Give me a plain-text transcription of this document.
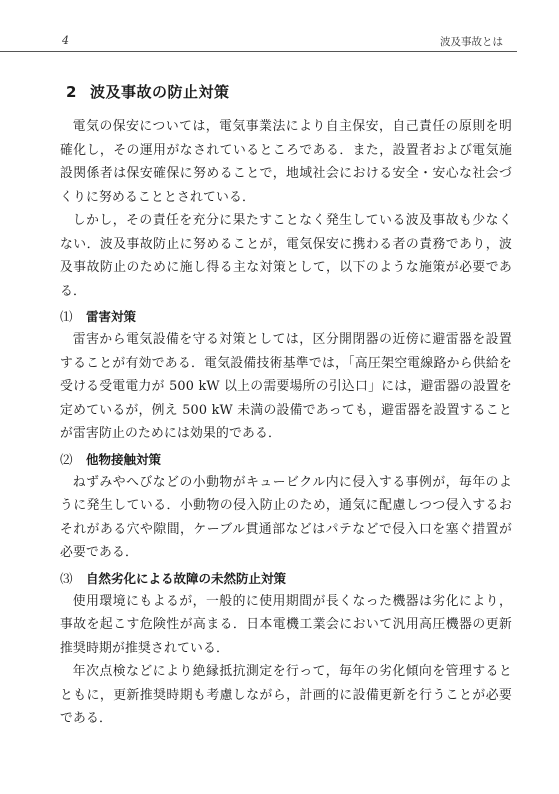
4	波及事故とは
2 波及事故の防止対策

電気の保安については，電気事業法により自主保安，自己責任の原則を明確化し，その運用がなされているところである．また，設置者および電気施設関係者は保安確保に努めることで，地域社会における安全・安心な社会づくりに努めることとされている．

しかし，その責任を充分に果たすことなく発生している波及事故も少なくない．波及事故防止に努めることが，電気保安に携わる者の責務であり，波及事故防止のために施し得る主な対策として，以下のような施策が必要である．

⑴ 雷害対策

雷害から電気設備を守る対策としては，区分開閉器の近傍に避雷器を設置することが有効である．電気設備技術基準では，「高圧架空電線路から供給を受ける受電電力が 500 kW 以上の需要場所の引込口」には，避雷器の設置を定めているが，例え 500 kW 未満の設備であっても，避雷器を設置することが雷害防止のためには効果的である．

⑵ 他物接触対策

ねずみやへびなどの小動物がキュービクル内に侵入する事例が，毎年のように発生している．小動物の侵入防止のため，通気に配慮しつつ侵入するおそれがある穴や隙間，ケーブル貫通部などはパテなどで侵入口を塞ぐ措置が必要である．

⑶ 自然劣化による故障の未然防止対策

使用環境にもよるが，一般的に使用期間が長くなった機器は劣化により，事故を起こす危険性が高まる．日本電機工業会において汎用高圧機器の更新推奨時期が推奨されている．

年次点検などにより絶縁抵抗測定を行って，毎年の劣化傾向を管理するとともに，更新推奨時期も考慮しながら，計画的に設備更新を行うことが必要である．
